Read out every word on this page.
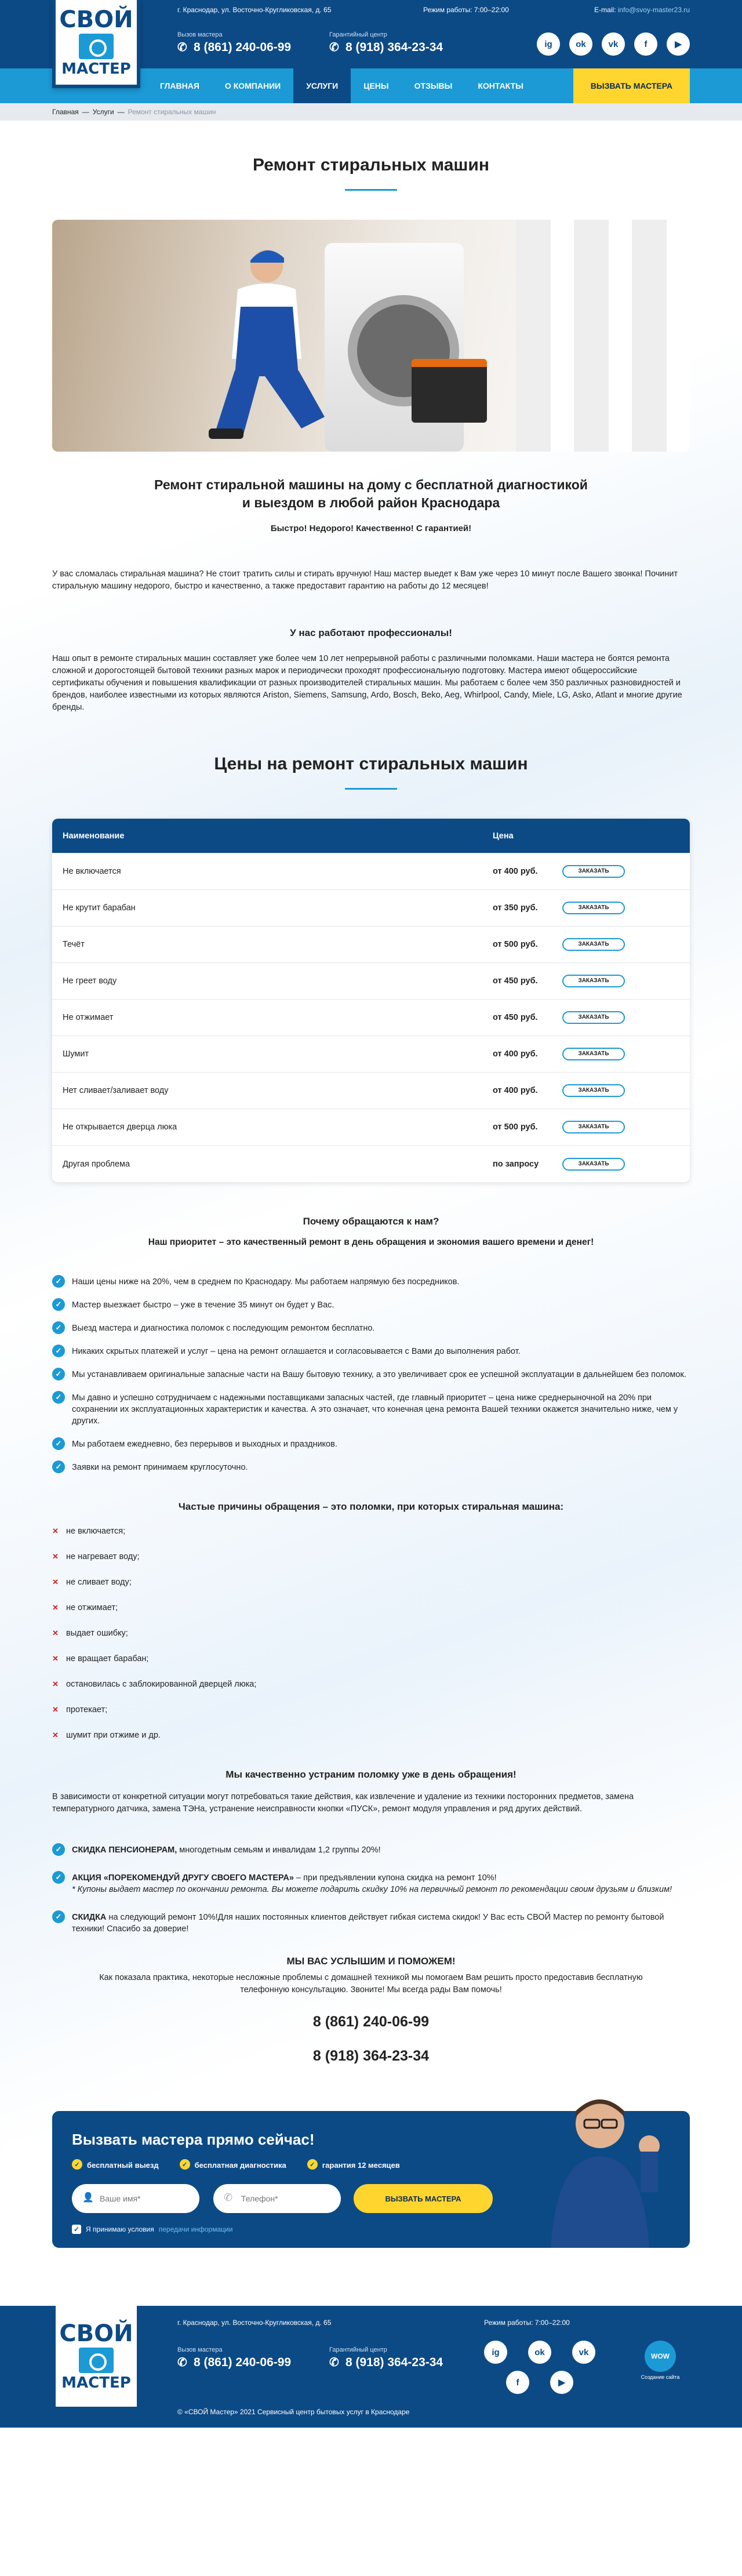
СВОЙ
МАСТЕР
г. Краснодар, ул. Восточно-Кругликовская, д. 65	Режим работы: 7:00–22:00	E-mail: info@svoy-master23.ru
Вызов мастера
✆ 8 (861) 240-06-99
Гарантийный центр
✆ 8 (918) 364-23-34	ig	ok	vk	f	▶
ГЛАВНАЯ	О КОМПАНИИ	УСЛУГИ	ЦЕНЫ	ОТЗЫВЫ	КОНТАКТЫ	ВЫЗВАТЬ МАСТЕРА
Главная — Услуги — Ремонт стиральных машин
Ремонт стиральных машин
Ремонт стиральной машины на дому с бесплатной диагностикой
и выездом в любой район Краснодара
Быстро! Недорого! Качественно! С гарантией!

У вас сломалась стиральная машина? Не стоит тратить силы и стирать вручную! Наш мастер выедет к Вам уже через 10 минут после Вашего звонка! Починит стиральную машину недорого, быстро и качественно, а также предоставит гарантию на работы до 12 месяцев!

У нас работают профессионалы!

Наш опыт в ремонте стиральных машин составляет уже более чем 10 лет непрерывной работы с различными поломками. Наши мастера не боятся ремонта сложной и дорогостоящей бытовой техники разных марок и периодически проходят профессиональную подготовку. Мастера имеют общероссийские сертификаты обучения и повышения квалификации от разных производителей стиральных машин. Мы работаем с более чем 350 различных разновидностей и брендов, наиболее известными из которых являются Ariston, Siemens, Samsung, Ardo, Bosch, Beko, Aeg, Whirlpool, Candy, Miele, LG, Asko, Atlant и многие другие бренды.

Цены на ремонт стиральных машин
Наименование	Цена
Не включается	от 400 руб.	ЗАКАЗАТЬ
Не крутит барабан	от 350 руб.	ЗАКАЗАТЬ
Течёт	от 500 руб.	ЗАКАЗАТЬ
Не греет воду	от 450 руб.	ЗАКАЗАТЬ
Не отжимает	от 450 руб.	ЗАКАЗАТЬ
Шумит	от 400 руб.	ЗАКАЗАТЬ
Нет сливает/заливает воду	от 400 руб.	ЗАКАЗАТЬ
Не открывается дверца люка	от 500 руб.	ЗАКАЗАТЬ
Другая проблема	по запросу	ЗАКАЗАТЬ
Почему обращаются к нам?
Наш приоритет – это качественный ремонт в день обращения и экономия вашего времени и денег!
✓ Наши цены ниже на 20%, чем в среднем по Краснодару. Мы работаем напрямую без посредников.
✓ Мастер выезжает быстро – уже в течение 35 минут он будет у Вас.
✓ Выезд мастера и диагностика поломок с последующим ремонтом бесплатно.
✓ Никаких скрытых платежей и услуг – цена на ремонт оглашается и согласовывается с Вами до выполнения работ.
✓ Мы устанавливаем оригинальные запасные части на Вашу бытовую технику, а это увеличивает срок ее успешной эксплуатации в дальнейшем без поломок.
✓ Мы давно и успешно сотрудничаем с надежными поставщиками запасных частей, где главный приоритет – цена ниже среднерыночной на 20% при сохранении их эксплуатационных характеристик и качества. А это означает, что конечная цена ремонта Вашей техники окажется значительно ниже, чем у других.
✓ Мы работаем ежедневно, без перерывов и выходных и праздников.
✓ Заявки на ремонт принимаем круглосуточно.
Частые причины обращения – это поломки, при которых стиральная машина:
✕ не включается;
✕ не нагревает воду;
✕ не сливает воду;
✕ не отжимает;
✕ выдает ошибку;
✕ не вращает барабан;
✕ остановилась с заблокированной дверцей люка;
✕ протекает;
✕ шумит при отжиме и др.
Мы качественно устраним поломку уже в день обращения!

В зависимости от конкретной ситуации могут потребоваться такие действия, как извлечение и удаление из техники посторонних предметов, замена температурного датчика, замена ТЭНа, устранение неисправности кнопки «ПУСК», ремонт модуля управления и ряд других действий.

✓ СКИДКА ПЕНСИОНЕРАМ, многодетным семьям и инвалидам 1,2 группы 20%!
✓ АКЦИЯ «ПОРЕКОМЕНДУЙ ДРУГУ СВОЕГО МАСТЕРА» – при предъявлении купона скидка на ремонт 10%!
* Купоны выдает мастер по окончании ремонта. Вы можете подарить скидку 10% на первичный ремонт по рекомендации своим друзьям и близким!
✓ СКИДКА на следующий ремонт 10%!Для наших постоянных клиентов действует гибкая система скидок! У Вас есть СВОЙ Мастер по ремонту бытовой техники! Спасибо за доверие!
МЫ ВАС УСЛЫШИМ И ПОМОЖЕМ!

Как показала практика, некоторые несложные проблемы с домашней техникой мы помогаем Вам решить просто предоставив бесплатную телефонную консультацию. Звоните! Мы всегда рады Вам помочь!

8 (861) 240-06-99
8 (918) 364-23-34
Вызвать мастера прямо сейчас!
✓ бесплатный выезд	✓ бесплатная диагностика	✓ гарантия 12 месяцев
👤
Ваше имя*	✆
Телефон*	ВЫЗВАТЬ МАСТЕРА
✓ Я принимаю условия передачи информации
СВОЙ
МАСТЕР
г. Краснодар, ул. Восточно-Кругликовская, д. 65	Режим работы: 7:00–22:00
Вызов мастера
✆ 8 (861) 240-06-99
Гарантийный центр
✆ 8 (918) 364-23-34
ig	ok	vk
f	▶
WOW
Создание сайта
© «СВОЙ Мастер» 2021 Сервисный центр бытовых услуг в Краснодаре
